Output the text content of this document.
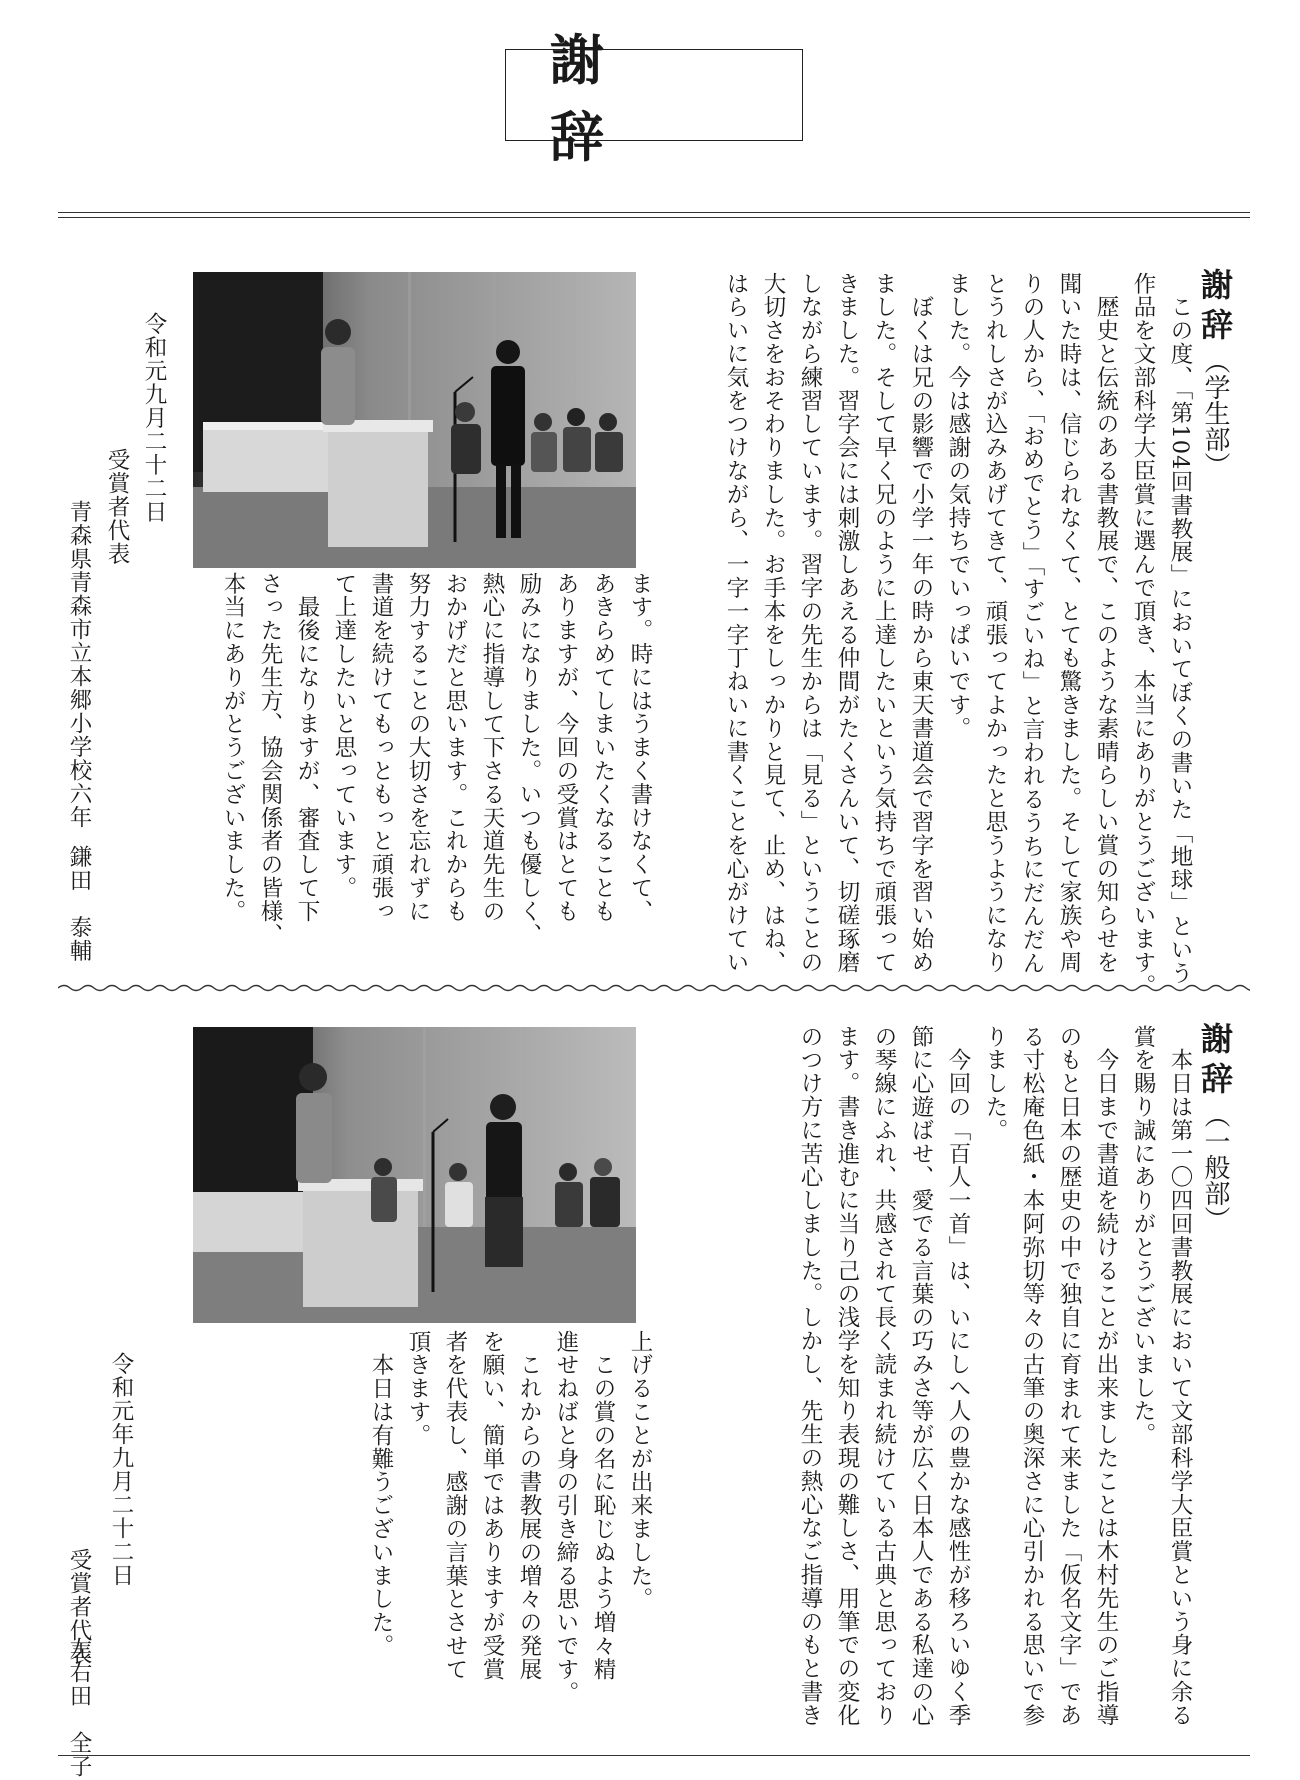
謝 辞
謝辞（学生部）
　この度、「第104回書教展」においてぼくの書いた「地球」という
作品を文部科学大臣賞に選んで頂き、本当にありがとうございます。
　歴史と伝統のある書教展で、このような素晴らしい賞の知らせを
聞いた時は、信じられなくて、とても驚きました。そして家族や周
りの人から、「おめでとう」「すごいね」と言われるうちにだんだん
とうれしさが込みあげてきて、頑張ってよかったと思うようになり
ました。今は感謝の気持ちでいっぱいです。
　ぼくは兄の影響で小学一年の時から東天書道会で習字を習い始め
ました。そして早く兄のように上達したいという気持ちで頑張って
きました。習字会には刺激しあえる仲間がたくさんいて、切磋琢磨
しながら練習しています。習字の先生からは「見る」ということの
大切さをおそわりました。お手本をしっかりと見て、止め、はね、
はらいに気をつけながら、一字一字丁ねいに書くことを心がけてい
ます。時にはうまく書けなくて、
あきらめてしまいたくなることも
ありますが、今回の受賞はとても
励みになりました。いつも優しく、
熱心に指導して下さる天道先生の
おかげだと思います。これからも
努力することの大切さを忘れずに
書道を続けてもっともっと頑張っ
て上達したいと思っています。
　最後になりますが、審査して下
さった先生方、協会関係者の皆様、
本当にありがとうございました。
令和元九月二十二日
受賞者代表
青森県青森市立本郷小学校六年
鎌田　泰輔
謝辞（一般部）
　本日は第一〇四回書教展において文部科学大臣賞という身に余る
賞を賜り誠にありがとうございました。
　今日まで書道を続けることが出来ましたことは木村先生のご指導
のもと日本の歴史の中で独自に育まれて来ました「仮名文字」であ
る寸松庵色紙・本阿弥切等々の古筆の奥深さに心引かれる思いで参
りました。
　今回の「百人一首」は、いにしへ人の豊かな感性が移ろいゆく季
節に心遊ばせ、愛でる言葉の巧みさ等が広く日本人である私達の心
の琴線にふれ、共感されて長く読まれ続けている古典と思っており
ます。書き進むに当り己の浅学を知り表現の難しさ、用筆での変化
のつけ方に苦心しました。しかし、先生の熱心なご指導のもと書き
上げることが出来ました。
　この賞の名に恥じぬよう増々精
進せねばと身の引き締る思いです。
　これからの書教展の増々の発展
を願い、簡単ではありますが受賞
者を代表し、感謝の言葉とさせて
頂きます。
　本日は有難うございました。
令和元年九月二十二日
受賞者代表
左右田　全子
